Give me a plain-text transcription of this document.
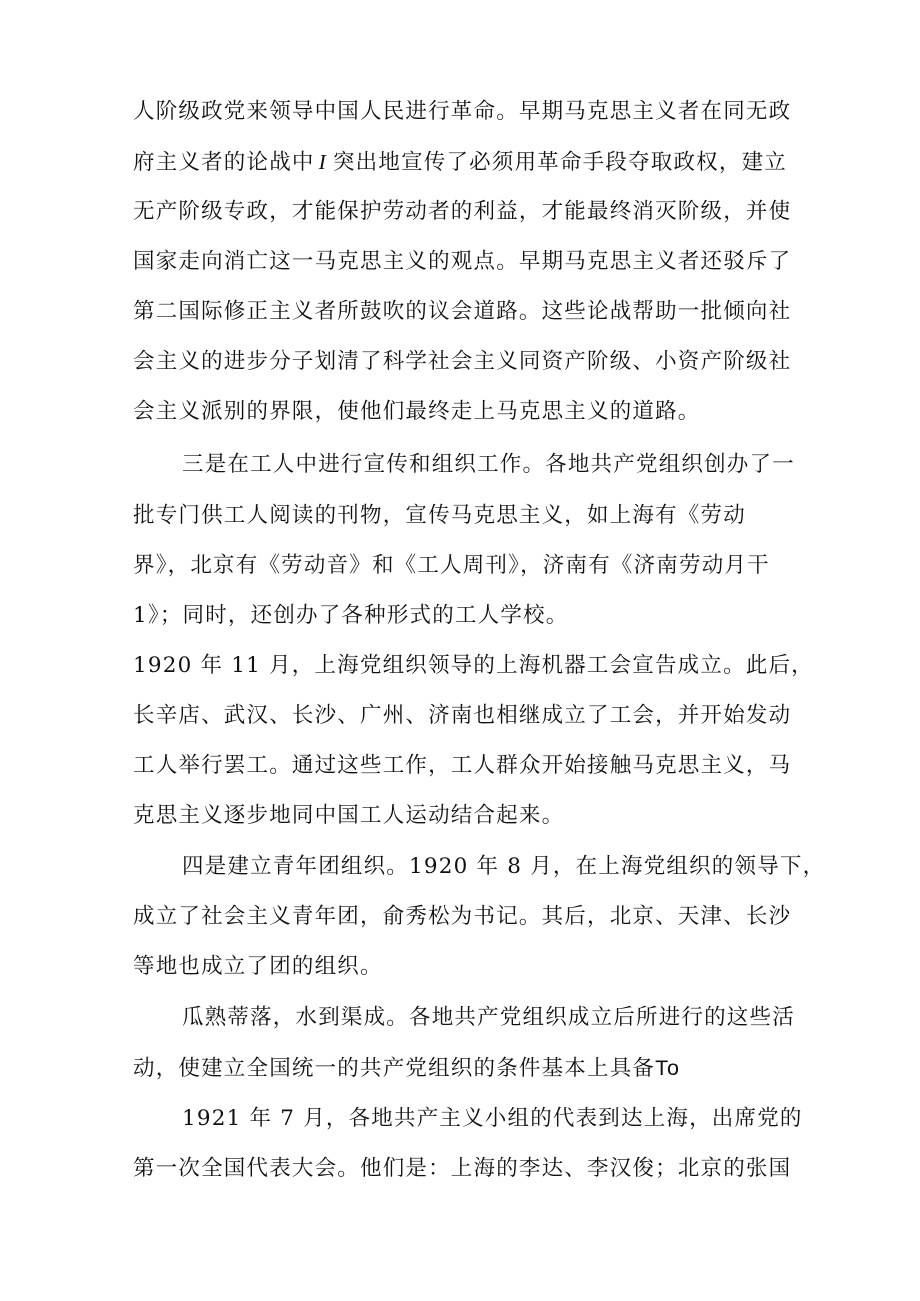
人阶级政党来领导中国人民进行革命。早期马克思主义者在同无政
府主义者的论战中 I 突出地宣传了必须用革命手段夺取政权，建立
无产阶级专政，才能保护劳动者的利益，才能最终消灭阶级，并使
国家走向消亡这一马克思主义的观点。早期马克思主义者还驳斥了
第二国际修正主义者所鼓吹的议会道路。这些论战帮助一批倾向社
会主义的进步分子划清了科学社会主义同资产阶级、小资产阶级社
会主义派别的界限，使他们最终走上马克思主义的道路。
三是在工人中进行宣传和组织工作。各地共产党组织创办了一
批专门供工人阅读的刊物，宣传马克思主义，如上海有《劳动
界》，北京有《劳动音》和《工人周刊》，济南有《济南劳动月干
1》；同时，还创办了各种形式的工人学校。
1920 年 11 月，上海党组织领导的上海机器工会宣告成立。此后，
长辛店、武汉、长沙、广州、济南也相继成立了工会，并开始发动
工人举行罢工。通过这些工作，工人群众开始接触马克思主义，马
克思主义逐步地同中国工人运动结合起来。
四是建立青年团组织。1920 年 8 月，在上海党组织的领导下，
成立了社会主义青年团，俞秀松为书记。其后，北京、天津、长沙
等地也成立了团的组织。
瓜熟蒂落，水到渠成。各地共产党组织成立后所进行的这些活
动，使建立全国统一的共产党组织的条件基本上具备To
1921 年 7 月，各地共产主义小组的代表到达上海，出席党的
第一次全国代表大会。他们是：上海的李达、李汉俊；北京的张国
